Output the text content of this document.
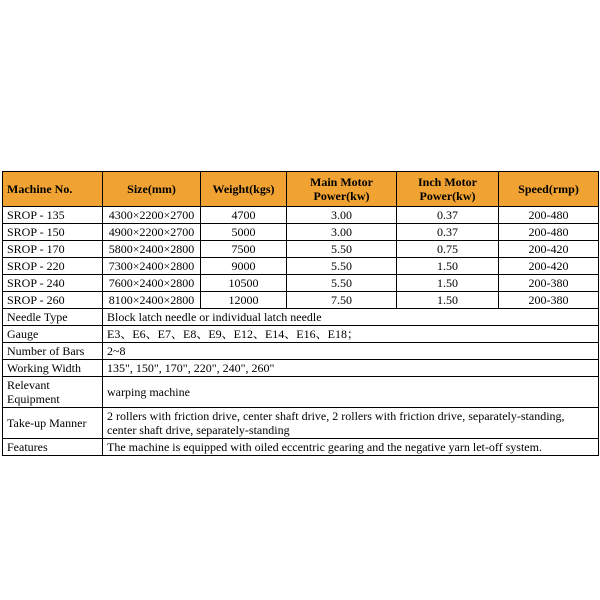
Machine No.	Size(mm)	Weight(kgs)	Main Motor Power(kw)	Inch Motor Power(kw)	Speed(rmp)
SROP - 135	4300×2200×2700	4700	3.00	0.37	200-480
SROP - 150	4900×2200×2700	5000	3.00	0.37	200-480
SROP - 170	5800×2400×2800	7500	5.50	0.75	200-420
SROP - 220	7300×2400×2800	9000	5.50	1.50	200-420
SROP - 240	7600×2400×2800	10500	5.50	1.50	200-380
SROP - 260	8100×2400×2800	12000	7.50	1.50	200-380
Needle Type	Block latch needle or individual latch needle				
Gauge	E3、E6、E7、E8、E9、E12、E14、E16、E18；				
Number of Bars	2~8				
Working Width	135", 150", 170", 220", 240", 260"				
Relevant Equipment	warping machine				
Take-up Manner	2 rollers with friction drive, center shaft drive, 2 rollers with friction drive, separately-standing, center shaft drive, separately-standing				
Features	The machine is equipped with oiled eccentric gearing and the negative yarn let-off system.				
